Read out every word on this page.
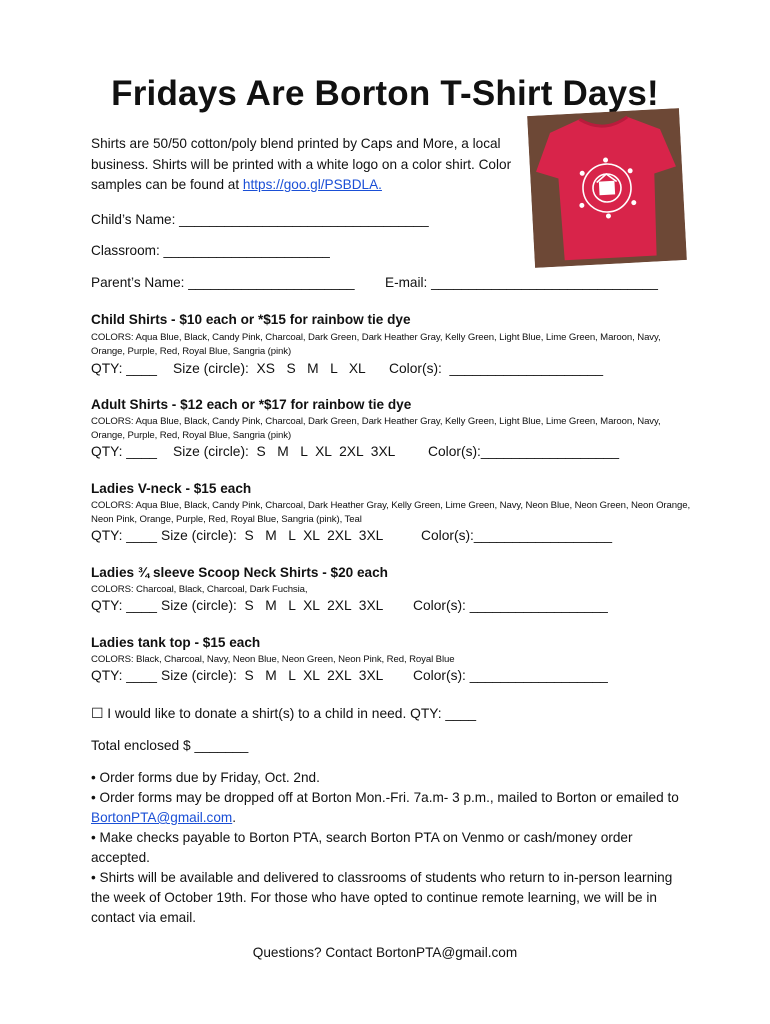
Fridays Are Borton T-Shirt Days!
Shirts are 50/50 cotton/poly blend printed by Caps and More, a local business. Shirts will be printed with a white logo on a color shirt. Color samples can be found at https://goo.gl/PSBDLA.
Child’s Name: _________________________________
Classroom: ______________________
Parent’s Name: ______________________ E-mail: ______________________________
Child Shirts - $10 each or *$15 for rainbow tie dye
COLORS: Aqua Blue, Black, Candy Pink, Charcoal, Dark Green, Dark Heather Gray, Kelly Green, Light Blue, Lime Green, Maroon, Navy, Orange, Purple, Red, Royal Blue, Sangria (pink)
QTY: ____ Size (circle):  XS   S   M   L   XL Color(s):  ____________________
Adult Shirts - $12 each or *$17 for rainbow tie dye
COLORS: Aqua Blue, Black, Candy Pink, Charcoal, Dark Green, Dark Heather Gray, Kelly Green, Light Blue, Lime Green, Maroon, Navy, Orange, Purple, Red, Royal Blue, Sangria (pink)
QTY: ____ Size (circle):  S   M   L  XL  2XL  3XL Color(s):__________________
Ladies V-neck - $15 each
COLORS: Aqua Blue, Black, Candy Pink, Charcoal, Dark Heather Gray, Kelly Green, Lime Green, Navy, Neon Blue, Neon Green, Neon Orange, Neon Pink, Orange, Purple, Red, Royal Blue, Sangria (pink), Teal
QTY: ____ Size (circle):  S   M   L  XL  2XL  3XL	Color(s):__________________
Ladies ¾ sleeve Scoop Neck Shirts - $20 each
COLORS: Charcoal, Black, Charcoal, Dark Fuchsia,
QTY: ____ Size (circle):  S   M   L  XL  2XL  3XL Color(s): __________________
Ladies tank top - $15 each
COLORS: Black, Charcoal, Navy, Neon Blue, Neon Green, Neon Pink, Red, Royal Blue
QTY: ____ Size (circle):  S   M   L  XL  2XL  3XL Color(s): __________________
☐ I would like to donate a shirt(s) to a child in need. QTY: ____
Total enclosed $ _______

• Order forms due by Friday, Oct. 2nd.

• Order forms may be dropped off at Borton Mon.-Fri. 7a.m- 3 p.m., mailed to Borton or emailed to BortonPTA@gmail.com.

• Make checks payable to Borton PTA, search Borton PTA on Venmo or cash/money order accepted.

• Shirts will be available and delivered to classrooms of students who return to in-person learning the week of October 19th. For those who have opted to continue remote learning, we will be in contact via email.

Questions? Contact BortonPTA@gmail.com
